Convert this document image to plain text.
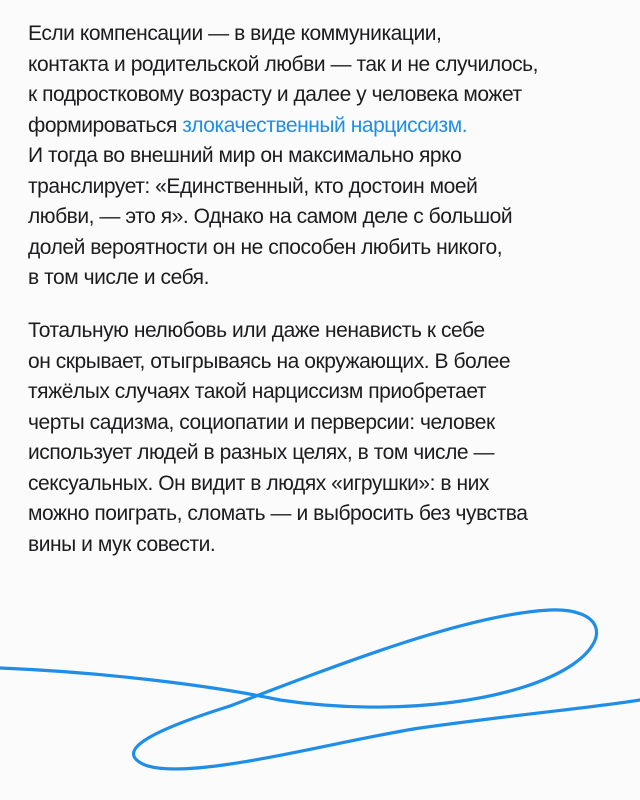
Если компенсации — в виде коммуникации,
контакта и родительской любви — так и не случилось,
к подростковому возрасту и далее у человека может
формироваться злокачественный нарциссизм.
И тогда во внешний мир он максимально ярко
транслирует: «Единственный, кто достоин моей
любви, — это я». Однако на самом деле с большой
долей вероятности он не способен любить никого,
в том числе и себя.
Тотальную нелюбовь или даже ненависть к себе
он скрывает, отыгрываясь на окружающих. В более
тяжёлых случаях такой нарциссизм приобретает
черты садизма, социопатии и перверсии: человек
использует людей в разных целях, в том числе —
сексуальных. Он видит в людях «игрушки»: в них
можно поиграть, сломать — и выбросить без чувства
вины и мук совести.
